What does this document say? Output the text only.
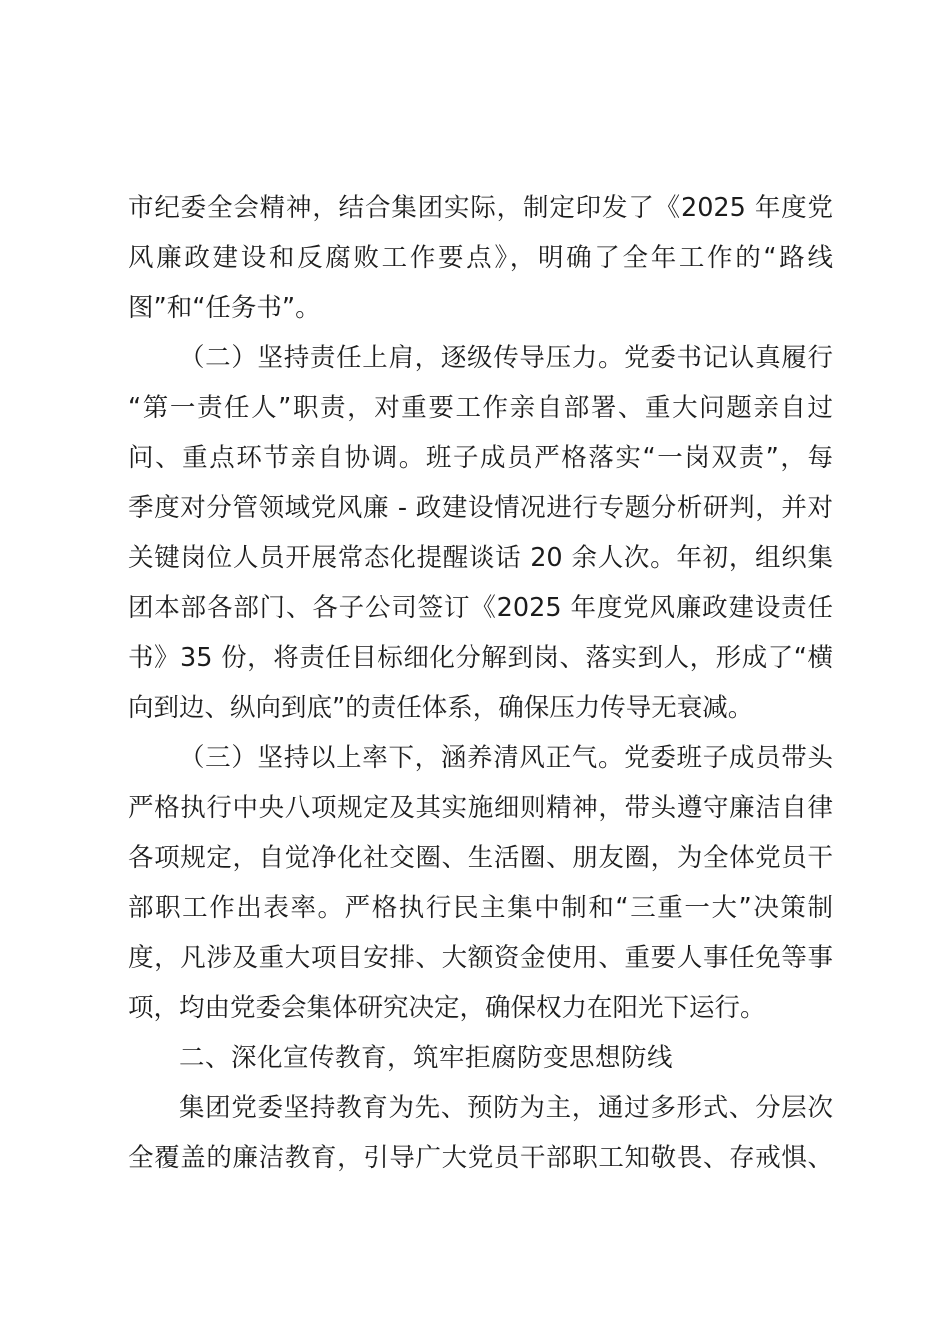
市纪委全会精神，结合集团实际，制定印发了《2025 年度党
风廉政建设和反腐败工作要点》，明确了全年工作的“路线
图”和“任务书”。
（二）坚持责任上肩，逐级传导压力。党委书记认真履行
“第一责任人”职责，对重要工作亲自部署、重大问题亲自过
问、重点环节亲自协调。班子成员严格落实“一岗双责”，每
季度对分管领域党风廉 - 政建设情况进行专题分析研判，并对
关键岗位人员开展常态化提醒谈话 20 余人次。年初，组织集
团本部各部门、各子公司签订《2025 年度党风廉政建设责任
书》35 份，将责任目标细化分解到岗、落实到人，形成了“横
向到边、纵向到底”的责任体系，确保压力传导无衰减。
（三）坚持以上率下，涵养清风正气。党委班子成员带头
严格执行中央八项规定及其实施细则精神，带头遵守廉洁自律
各项规定，自觉净化社交圈、生活圈、朋友圈，为全体党员干
部职工作出表率。严格执行民主集中制和“三重一大”决策制
度，凡涉及重大项目安排、大额资金使用、重要人事任免等事
项，均由党委会集体研究决定，确保权力在阳光下运行。
二、深化宣传教育，筑牢拒腐防变思想防线
集团党委坚持教育为先、预防为主，通过多形式、分层次
全覆盖的廉洁教育，引导广大党员干部职工知敬畏、存戒惧、
